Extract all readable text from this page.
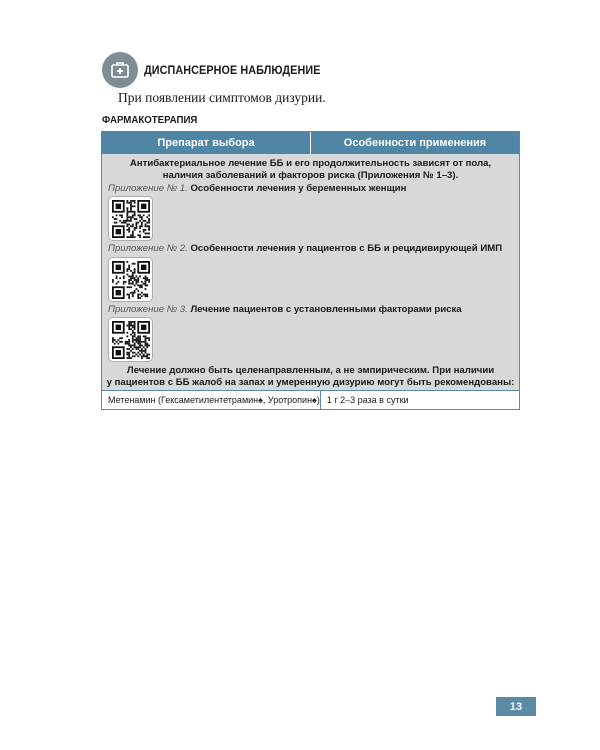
ДИСПАНСЕРНОЕ НАБЛЮДЕНИЕ
При появлении симптомов дизурии.
ФАРМАКОТЕРАПИЯ
Препарат выбора	Особенности применения
Антибактериальное лечение ББ и его продолжительность зависят от пола,
наличия заболеваний и факторов риска (Приложения № 1–3).
Приложение № 1. Особенности лечения у беременных женщин
Приложение № 2. Особенности лечения у пациентов с ББ и рецидивирующей ИМП
Приложение № 3. Лечение пациентов с установленными факторами риска
Лечение должно быть целенаправленным, а не эмпирическим. При наличии
у пациентов с ББ жалоб на запах и умеренную дизурию могут быть рекомендованы:
Метенамин (Гексаметилентетрамин♠, Уротропин♠) 1 г 2–3 раза в сутки
13
